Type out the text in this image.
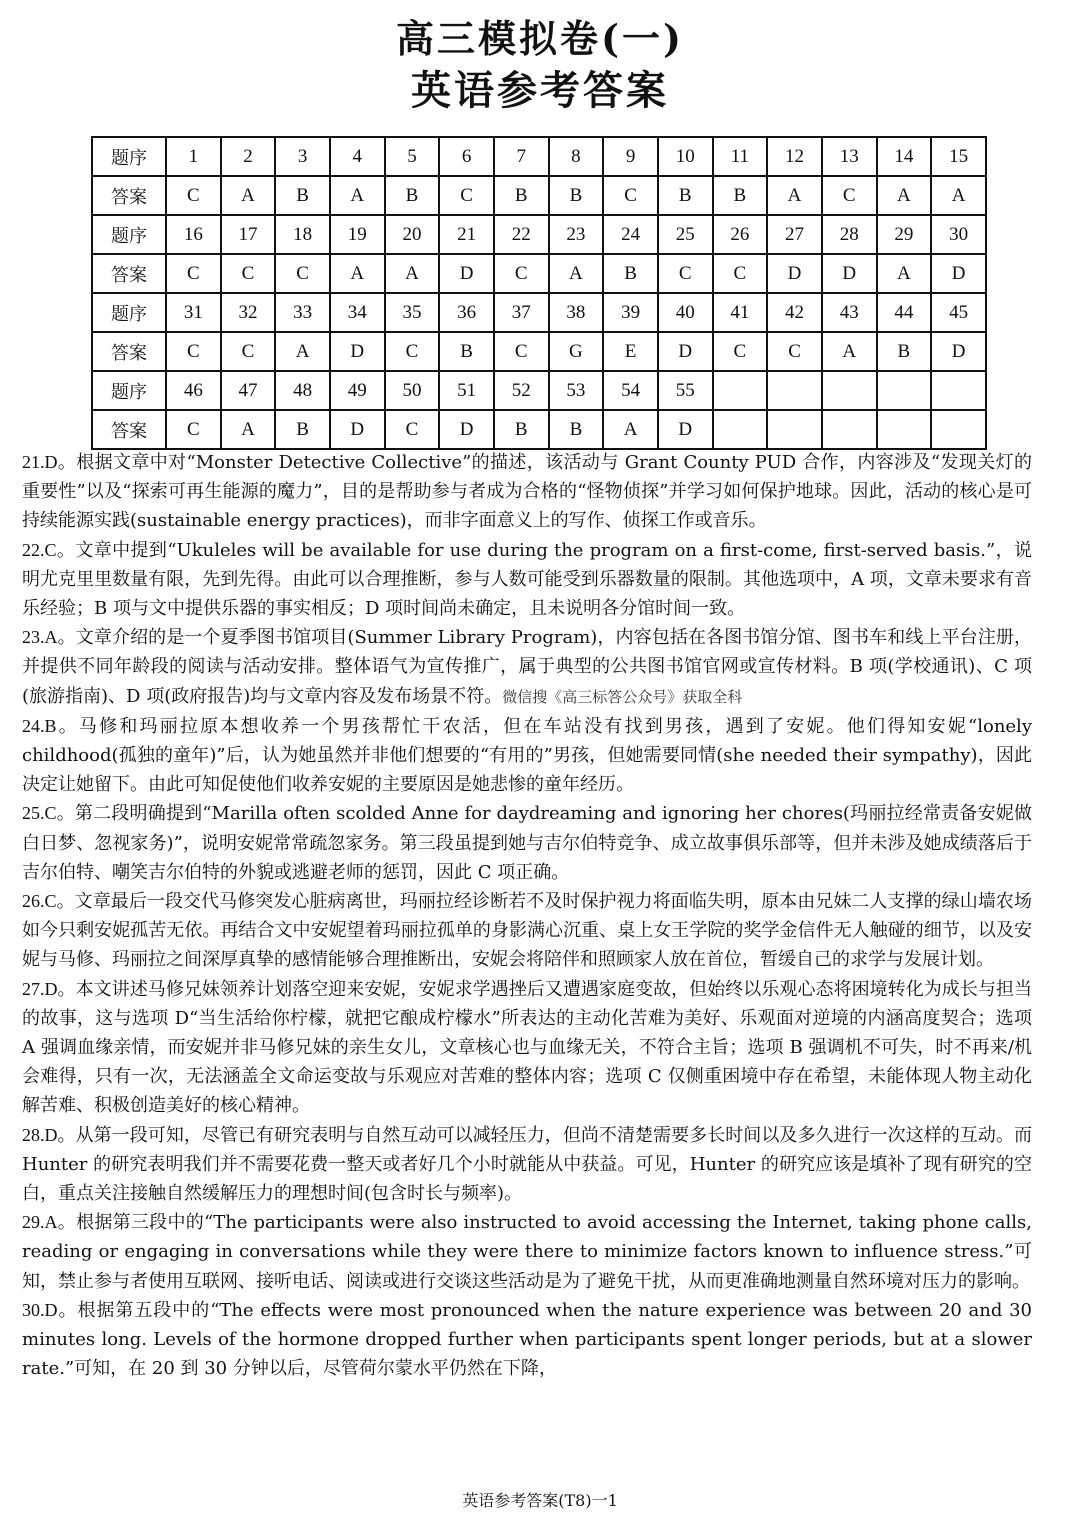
高三模拟卷(一)
英语参考答案
题序	1	2	3	4	5	6	7	8	9	10	11	12	13	14	15
答案	C	A	B	A	B	C	B	B	C	B	B	A	C	A	A
题序	16	17	18	19	20	21	22	23	24	25	26	27	28	29	30
答案	C	C	C	A	A	D	C	A	B	C	C	D	D	A	D
题序	31	32	33	34	35	36	37	38	39	40	41	42	43	44	45
答案	C	C	A	D	C	B	C	G	E	D	C	C	A	B	D
题序	46	47	48	49	50	51	52	53	54	55					
答案	C	A	B	D	C	D	B	B	A	D					

21.D。根据文章中对“Monster Detective Collective”的描述，该活动与 Grant County PUD 合作，内容涉及“发现关灯的重要性”以及“探索可再生能源的魔力”，目的是帮助参与者成为合格的“怪物侦探”并学习如何保护地球。因此，活动的核心是可持续能源实践(sustainable energy practices)，而非字面意义上的写作、侦探工作或音乐。

22.C。文章中提到“Ukuleles will be available for use during the program on a first-come, first-served basis.”，说明尤克里里数量有限，先到先得。由此可以合理推断，参与人数可能受到乐器数量的限制。其他选项中，A 项，文章未要求有音乐经验；B 项与文中提供乐器的事实相反；D 项时间尚未确定，且未说明各分馆时间一致。

23.A。文章介绍的是一个夏季图书馆项目(Summer Library Program)，内容包括在各图书馆分馆、图书车和线上平台注册，并提供不同年龄段的阅读与活动安排。整体语气为宣传推广，属于典型的公共图书馆官网或宣传材料。B 项(学校通讯)、C 项(旅游指南)、D 项(政府报告)均与文章内容及发布场景不符。微信搜《高三标答公众号》获取全科

24.B。马修和玛丽拉原本想收养一个男孩帮忙干农活，但在车站没有找到男孩，遇到了安妮。他们得知安妮“lonely childhood(孤独的童年)”后，认为她虽然并非他们想要的“有用的”男孩，但她需要同情(she needed their sympathy)，因此决定让她留下。由此可知促使他们收养安妮的主要原因是她悲惨的童年经历。

25.C。第二段明确提到“Marilla often scolded Anne for daydreaming and ignoring her chores(玛丽拉经常责备安妮做白日梦、忽视家务)”，说明安妮常常疏忽家务。第三段虽提到她与吉尔伯特竞争、成立故事俱乐部等，但并未涉及她成绩落后于吉尔伯特、嘲笑吉尔伯特的外貌或逃避老师的惩罚，因此 C 项正确。

26.C。文章最后一段交代马修突发心脏病离世，玛丽拉经诊断若不及时保护视力将面临失明，原本由兄妹二人支撑的绿山墙农场如今只剩安妮孤苦无依。再结合文中安妮望着玛丽拉孤单的身影满心沉重、桌上女王学院的奖学金信件无人触碰的细节，以及安妮与马修、玛丽拉之间深厚真挚的感情能够合理推断出，安妮会将陪伴和照顾家人放在首位，暂缓自己的求学与发展计划。

27.D。本文讲述马修兄妹领养计划落空迎来安妮，安妮求学遇挫后又遭遇家庭变故，但始终以乐观心态将困境转化为成长与担当的故事，这与选项 D“当生活给你柠檬，就把它酿成柠檬水”所表达的主动化苦难为美好、乐观面对逆境的内涵高度契合；选项 A 强调血缘亲情，而安妮并非马修兄妹的亲生女儿，文章核心也与血缘无关，不符合主旨；选项 B 强调机不可失，时不再来/机会难得，只有一次，无法涵盖全文命运变故与乐观应对苦难的整体内容；选项 C 仅侧重困境中存在希望，未能体现人物主动化解苦难、积极创造美好的核心精神。

28.D。从第一段可知，尽管已有研究表明与自然互动可以减轻压力，但尚不清楚需要多长时间以及多久进行一次这样的互动。而 Hunter 的研究表明我们并不需要花费一整天或者好几个小时就能从中获益。可见，Hunter 的研究应该是填补了现有研究的空白，重点关注接触自然缓解压力的理想时间(包含时长与频率)。

29.A。根据第三段中的“The participants were also instructed to avoid accessing the Internet, taking phone calls, reading or engaging in conversations while they were there to minimize factors known to influence stress.”可知，禁止参与者使用互联网、接听电话、阅读或进行交谈这些活动是为了避免干扰，从而更准确地测量自然环境对压力的影响。

30.D。根据第五段中的“The effects were most pronounced when the nature experience was between 20 and 30 minutes long. Levels of the hormone dropped further when participants spent longer periods, but at a slower rate.”可知，在 20 到 30 分钟以后，尽管荷尔蒙水平仍然在下降，

英语参考答案(T8)一1
